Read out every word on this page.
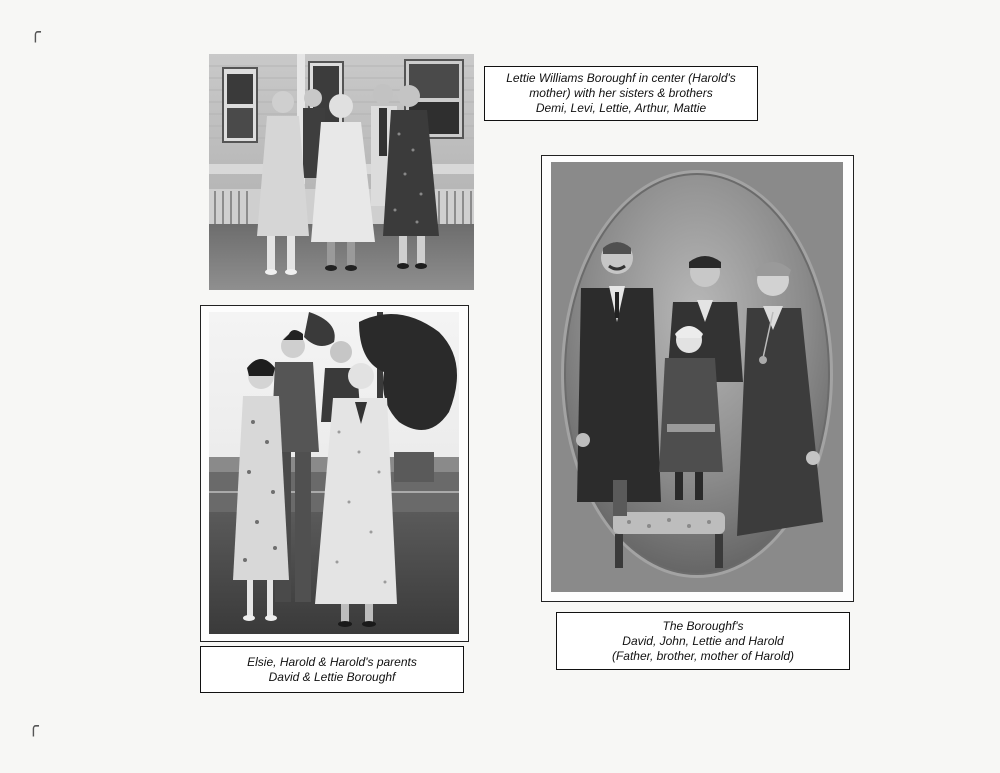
╭
╭
Lettie Williams Boroughf in center (Harold's
mother) with her sisters & brothers
Demi, Levi, Lettie, Arthur, Mattie
Elsie, Harold & Harold's parents
David & Lettie Boroughf
The Boroughf's
David, John, Lettie and Harold
(Father, brother, mother of Harold)
